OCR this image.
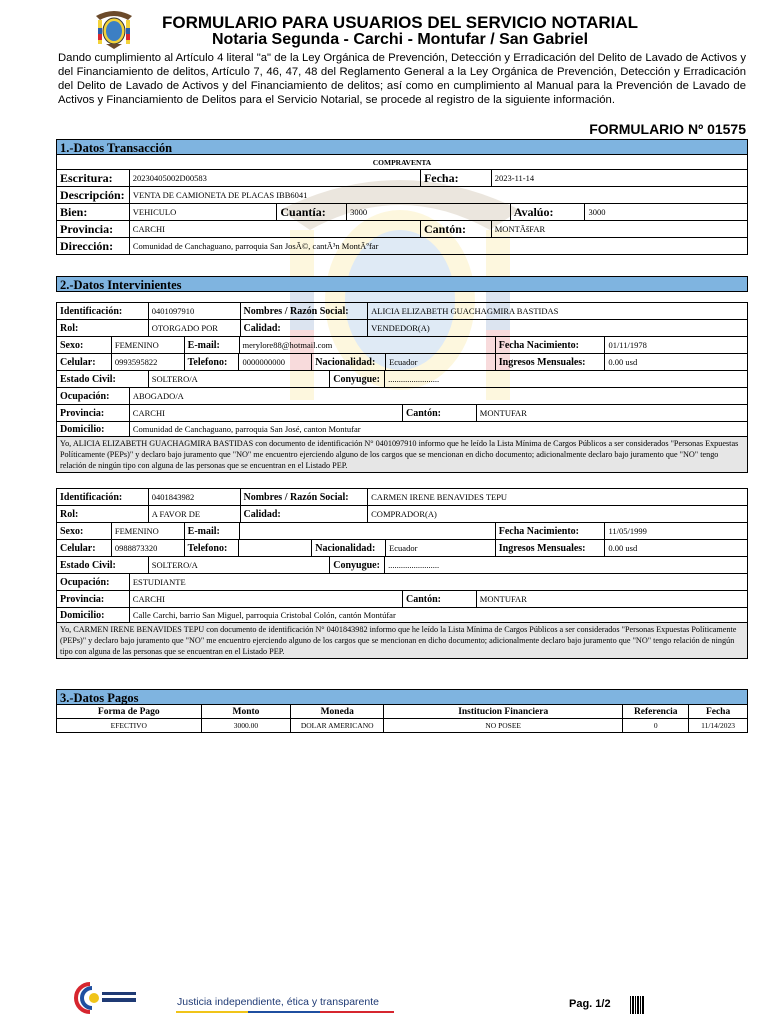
FORMULARIO PARA USUARIOS DEL SERVICIO NOTARIAL
Notaria Segunda - Carchi - Montufar / San Gabriel
Dando cumplimiento al Artículo 4 literal "a" de la Ley Orgánica de Prevención, Detección y Erradicación del Delito de Lavado de Activos y del Financiamiento de delitos, Artículo 7, 46, 47, 48 del Reglamento General a la Ley Orgánica de Prevención, Detección y Erradicación del Delito de Lavado de Activos y del Financiamiento de delitos; así como en cumplimiento al Manual para la Prevención de Lavado de Activos y Financiamiento de Delitos para el Servicio Notarial, se procede al registro de la siguiente información.
FORMULARIO Nº 01575
1.-Datos Transacción
COMPRAVENTA
Escritura:	20230405002D00583	Fecha:	2023-11-14
Descripción: VENTA DE CAMIONETA DE PLACAS IBB6041
Bien:	VEHICULO	Cuantía:	3000	Avalúo:	3000
Provincia:	CARCHI	Cantón:	MONTÃšFAR
Dirección:	Comunidad de Canchaguano, parroquia San JosÃ©, cantÃ³n MontÃºfar
2.-Datos Intervinientes
Identificación:	0401097910	Nombres / Razón Social:	ALICIA ELIZABETH GUACHAGMIRA BASTIDAS
Rol:	OTORGADO POR	Calidad:	VENDEDOR(A)
Sexo:	FEMENINO	E-mail:	merylore88@hotmail.com	Fecha Nacimiento:	01/11/1978
Celular:	0993595822	Telefono:	0000000000	Nacionalidad:	Ecuador	Ingresos Mensuales:	0.00 usd
Estado Civil:	SOLTERO/A	Conyugue: ........................
Ocupación:	ABOGADO/A
Provincia:	CARCHI	Cantón:	MONTUFAR
Domicilio:	Comunidad de Canchaguano, parroquia San José, canton Montufar
Yo, ALICIA ELIZABETH GUACHAGMIRA BASTIDAS con documento de identificación N° 0401097910 informo que he leído la Lista Mínima de Cargos Públicos a ser considerados "Personas Expuestas Políticamente (PEPs)" y declaro bajo juramento que "NO" me encuentro ejerciendo alguno de los cargos que se mencionan en dicho documento; adicionalmente declaro bajo juramento que "NO" tengo relación de ningún tipo con alguna de las personas que se encuentran en el Listado PEP.
Identificación:	0401843982	Nombres / Razón Social:	CARMEN IRENE BENAVIDES TEPU
Rol:	A FAVOR DE	Calidad:	COMPRADOR(A)
Sexo:	FEMENINO	E-mail:	Fecha Nacimiento:	11/05/1999
Celular:	0988873320	Telefono:	Nacionalidad:	Ecuador	Ingresos Mensuales:	0.00 usd
Estado Civil:	SOLTERO/A	Conyugue: ........................
Ocupación:	ESTUDIANTE
Provincia:	CARCHI	Cantón:	MONTUFAR
Domicilio:	Calle Carchi, barrio San Miguel, parroquia Cristobal Colón, cantón Montúfar
Yo, CARMEN IRENE BENAVIDES TEPU con documento de identificación N° 0401843982 informo que he leído la Lista Mínima de Cargos Públicos a ser considerados "Personas Expuestas Políticamente (PEPs)" y declaro bajo juramento que "NO" me encuentro ejerciendo alguno de los cargos que se mencionan en dicho documento; adicionalmente declaro bajo juramento que "NO" tengo relación de ningún tipo con alguna de las personas que se encuentran en el Listado PEP.
3.-Datos Pagos
Forma de Pago	Monto	Moneda	Institucion Financiera	Referencia	Fecha
EFECTIVO	3000.00	DOLAR AMERICANO	NO POSEE	0	11/14/2023
Justicia independiente, ética y transparente	Pag. 1/2
